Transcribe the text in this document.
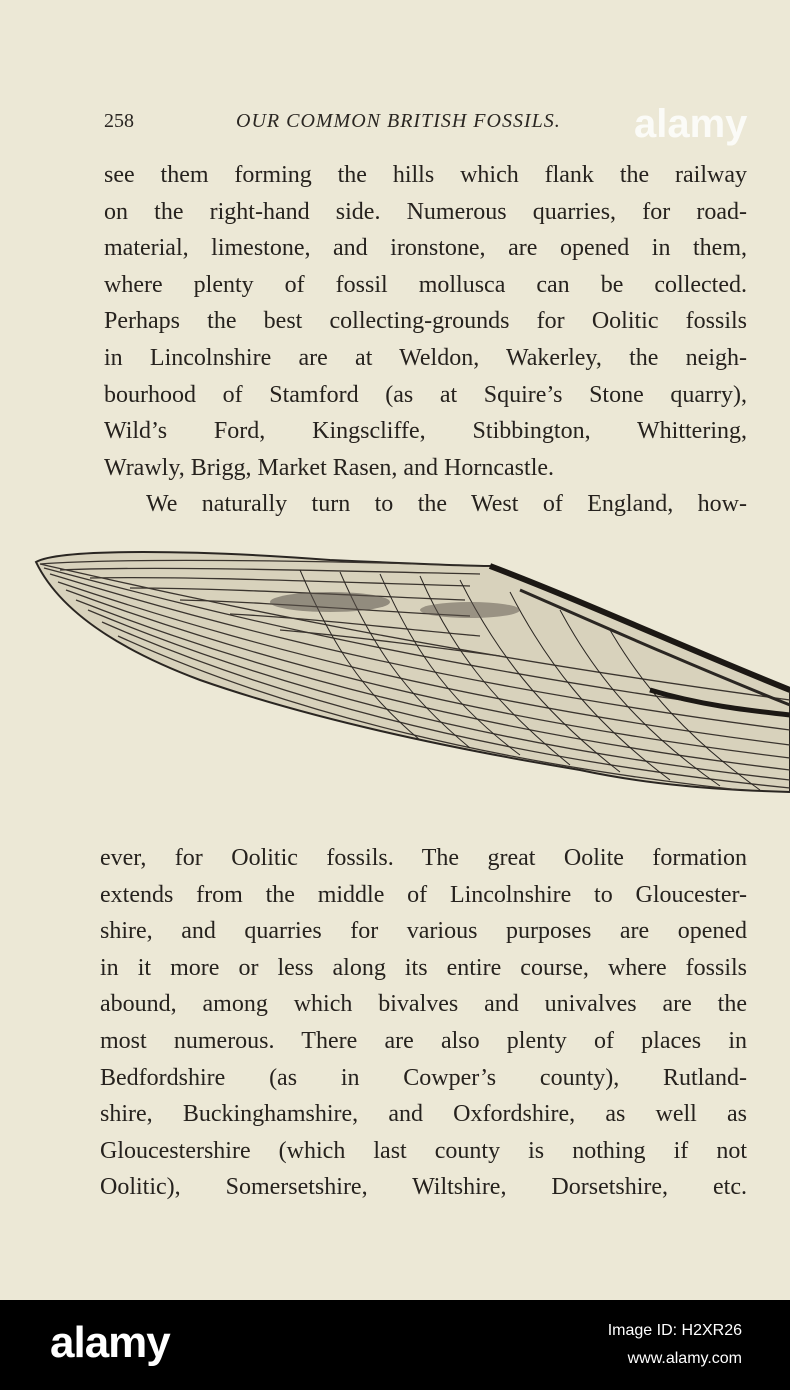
258	OUR COMMON BRITISH FOSSILS. alamy
see them forming the hills which flank the railway
on the right-hand side. Numerous quarries, for road-
material, limestone, and ironstone, are opened in them,
where plenty of fossil mollusca can be collected.
Perhaps the best collecting-grounds for Oolitic fossils
in Lincolnshire are at Weldon, Wakerley, the neigh-
bourhood of Stamford (as at Squire’s Stone quarry),
Wild’s Ford, Kingscliffe, Stibbington, Whittering,
Wrawly, Brigg, Market Rasen, and Horncastle.
We naturally turn to the West of England, how-
ever, for Oolitic fossils. The great Oolite formation
extends from the middle of Lincolnshire to Gloucester-
shire, and quarries for various purposes are opened
in it more or less along its entire course, where fossils
abound, among which bivalves and univalves are the
most numerous. There are also plenty of places in
Bedfordshire (as in Cowper’s county), Rutland-
shire, Buckinghamshire, and Oxfordshire, as well as
Gloucestershire (which last county is nothing if not
Oolitic), Somersetshire, Wiltshire, Dorsetshire, etc.
alamy	Image ID: H2XR26
www.alamy.com
